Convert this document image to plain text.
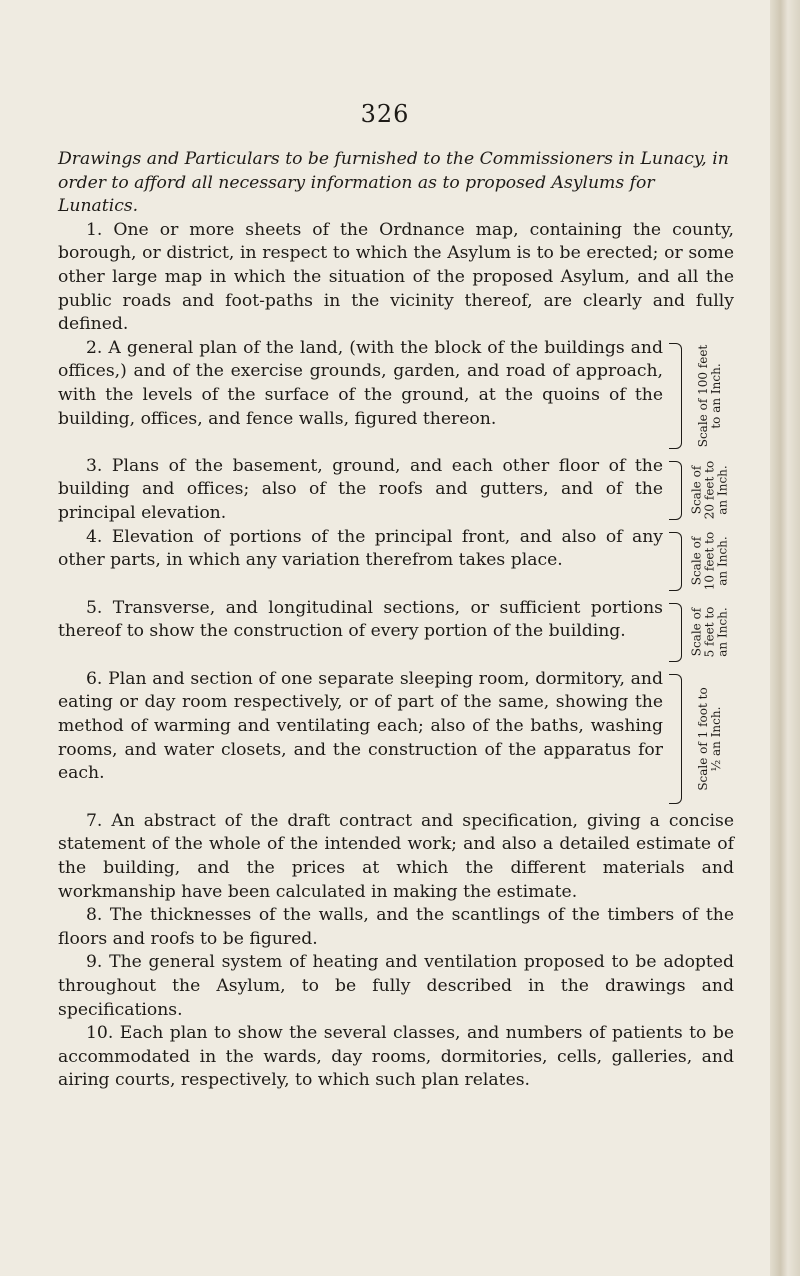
326

Drawings and Particulars to be furnished to the Commissioners in Lunacy, in order to afford all necessary information as to proposed Asylums for Lunatics.

1. One or more sheets of the Ordnance map, containing the county, borough, or district, in respect to which the Asylum is to be erected; or some other large map in which the situation of the proposed Asylum, and all the public roads and foot-paths in the vicinity thereof, are clearly and fully defined.

2. A general plan of the land, (with the block of the buildings and offices,) and of the exercise grounds, garden, and road of approach, with the levels of the surface of the ground, at the quoins of the building, offices, and fence walls, figured thereon.	Scale of 100 feet
to an Inch.

3. Plans of the basement, ground, and each other floor of the building and offices; also of the roofs and gutters, and of the principal elevation.	Scale of
20 feet to
an Inch.

4. Elevation of portions of the principal front, and also of any other parts, in which any variation therefrom takes place.	Scale of
10 feet to
an Inch.

5. Transverse, and longitudinal sections, or sufficient portions thereof to show the construction of every portion of the building.	Scale of
5 feet to
an Inch.

6. Plan and section of one separate sleeping room, dormitory, and eating or day room respectively, or of part of the same, showing the method of warming and ventilating each; also of the baths, washing rooms, and water closets, and the construction of the apparatus for each.	Scale of 1 foot to
½ an Inch.

7. An abstract of the draft contract and specification, giving a concise statement of the whole of the intended work; and also a detailed estimate of the building, and the prices at which the different materials and workmanship have been calculated in making the estimate.

8. The thicknesses of the walls, and the scantlings of the timbers of the floors and roofs to be figured.

9. The general system of heating and ventilation proposed to be adopted throughout the Asylum, to be fully described in the drawings and specifications.

10. Each plan to show the several classes, and numbers of patients to be accommodated in the wards, day rooms, dormitories, cells, galleries, and airing courts, respectively, to which such plan relates.
